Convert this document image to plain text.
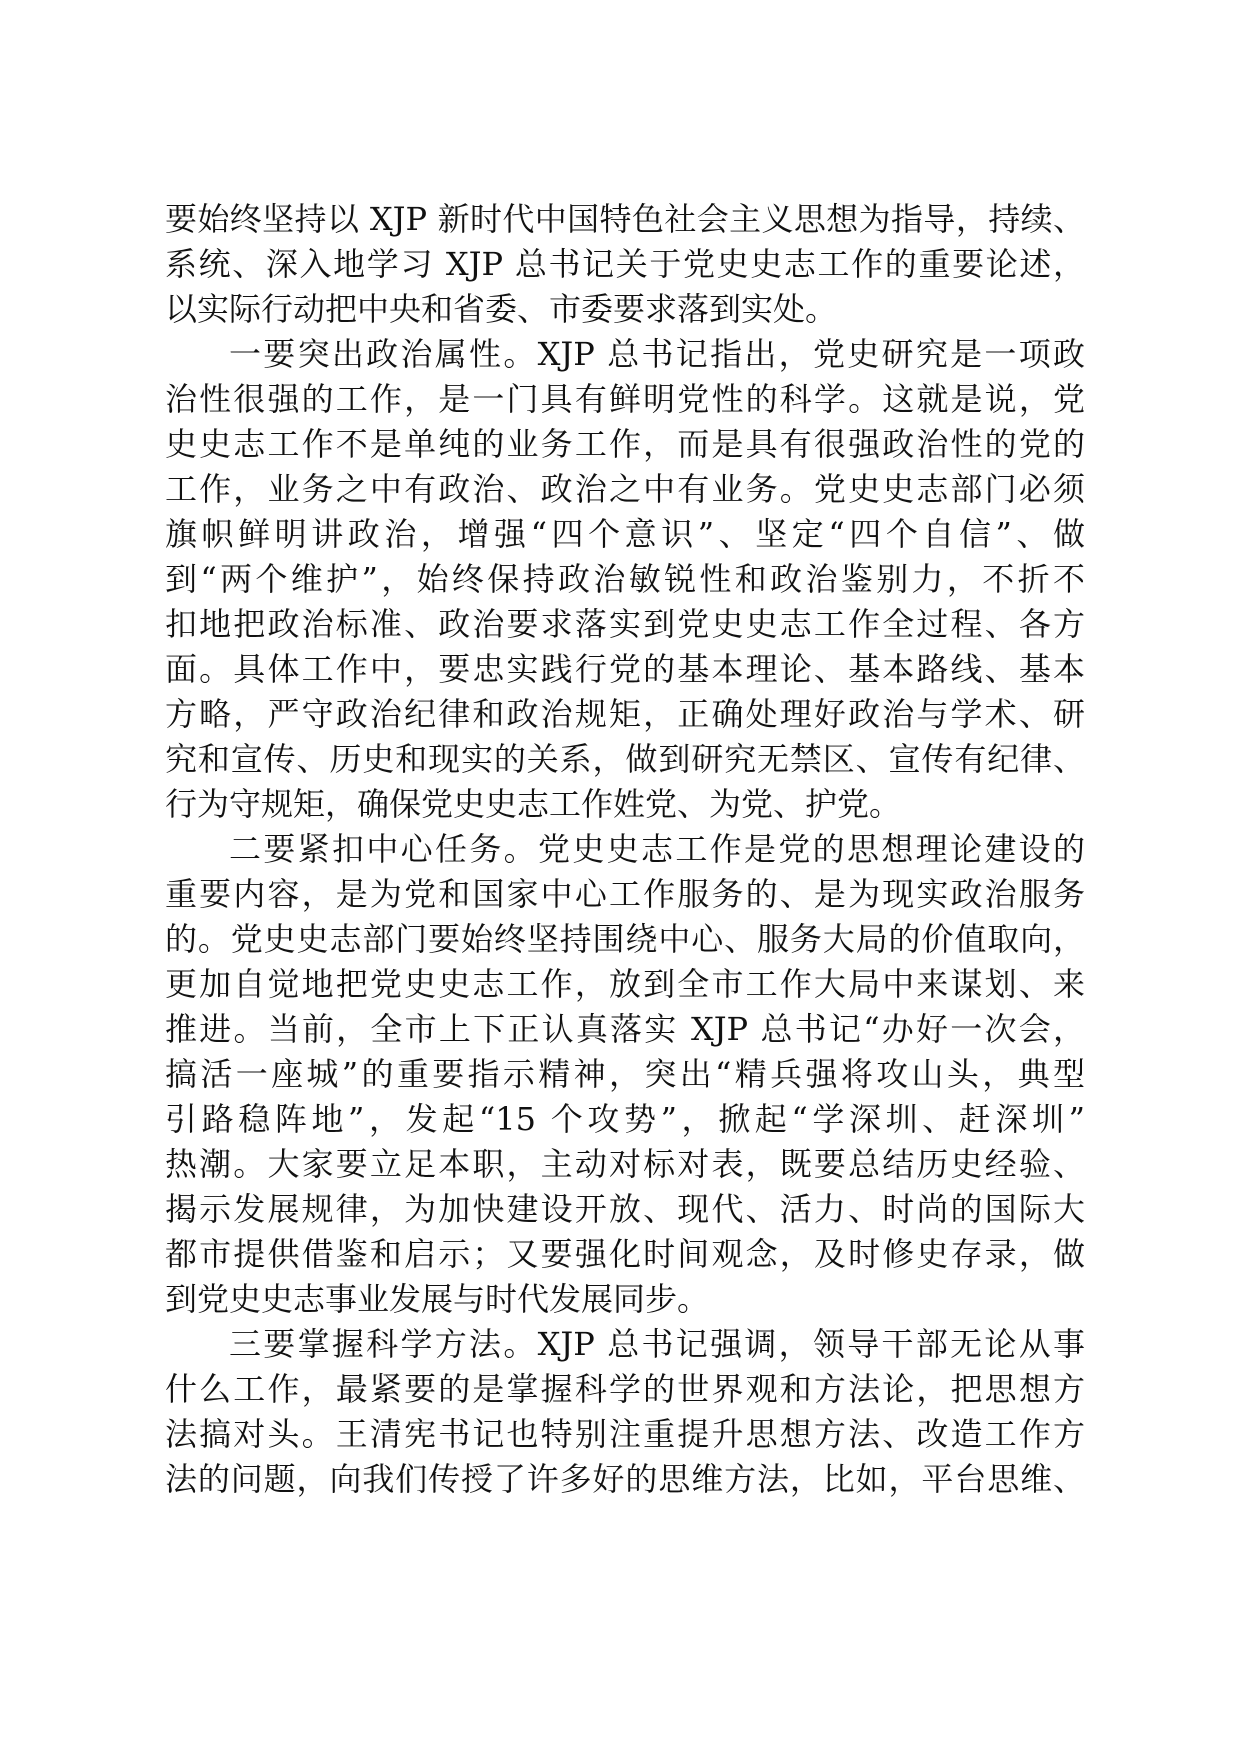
要始终坚持以 XJP 新时代中国特色社会主义思想为指导，持续、
系统、深入地学习 XJP 总书记关于党史史志工作的重要论述，
以实际行动把中央和省委、市委要求落到实处。
一要突出政治属性。XJP 总书记指出，党史研究是一项政
治性很强的工作，是一门具有鲜明党性的科学。这就是说，党
史史志工作不是单纯的业务工作，而是具有很强政治性的党的
工作，业务之中有政治、政治之中有业务。党史史志部门必须
旗帜鲜明讲政治，增强“四个意识”、坚定“四个自信”、做
到“两个维护”，始终保持政治敏锐性和政治鉴别力，不折不
扣地把政治标准、政治要求落实到党史史志工作全过程、各方
面。具体工作中，要忠实践行党的基本理论、基本路线、基本
方略，严守政治纪律和政治规矩，正确处理好政治与学术、研
究和宣传、历史和现实的关系，做到研究无禁区、宣传有纪律、
行为守规矩，确保党史史志工作姓党、为党、护党。
二要紧扣中心任务。党史史志工作是党的思想理论建设的
重要内容，是为党和国家中心工作服务的、是为现实政治服务
的。党史史志部门要始终坚持围绕中心、服务大局的价值取向，
更加自觉地把党史史志工作，放到全市工作大局中来谋划、来
推进。当前，全市上下正认真落实 XJP 总书记“办好一次会，
搞活一座城”的重要指示精神，突出“精兵强将攻山头，典型
引路稳阵地”，发起“15 个攻势”，掀起“学深圳、赶深圳”
热潮。大家要立足本职，主动对标对表，既要总结历史经验、
揭示发展规律，为加快建设开放、现代、活力、时尚的国际大
都市提供借鉴和启示；又要强化时间观念，及时修史存录，做
到党史史志事业发展与时代发展同步。
三要掌握科学方法。XJP 总书记强调，领导干部无论从事
什么工作，最紧要的是掌握科学的世界观和方法论，把思想方
法搞对头。王清宪书记也特别注重提升思想方法、改造工作方
法的问题，向我们传授了许多好的思维方法，比如，平台思维、
